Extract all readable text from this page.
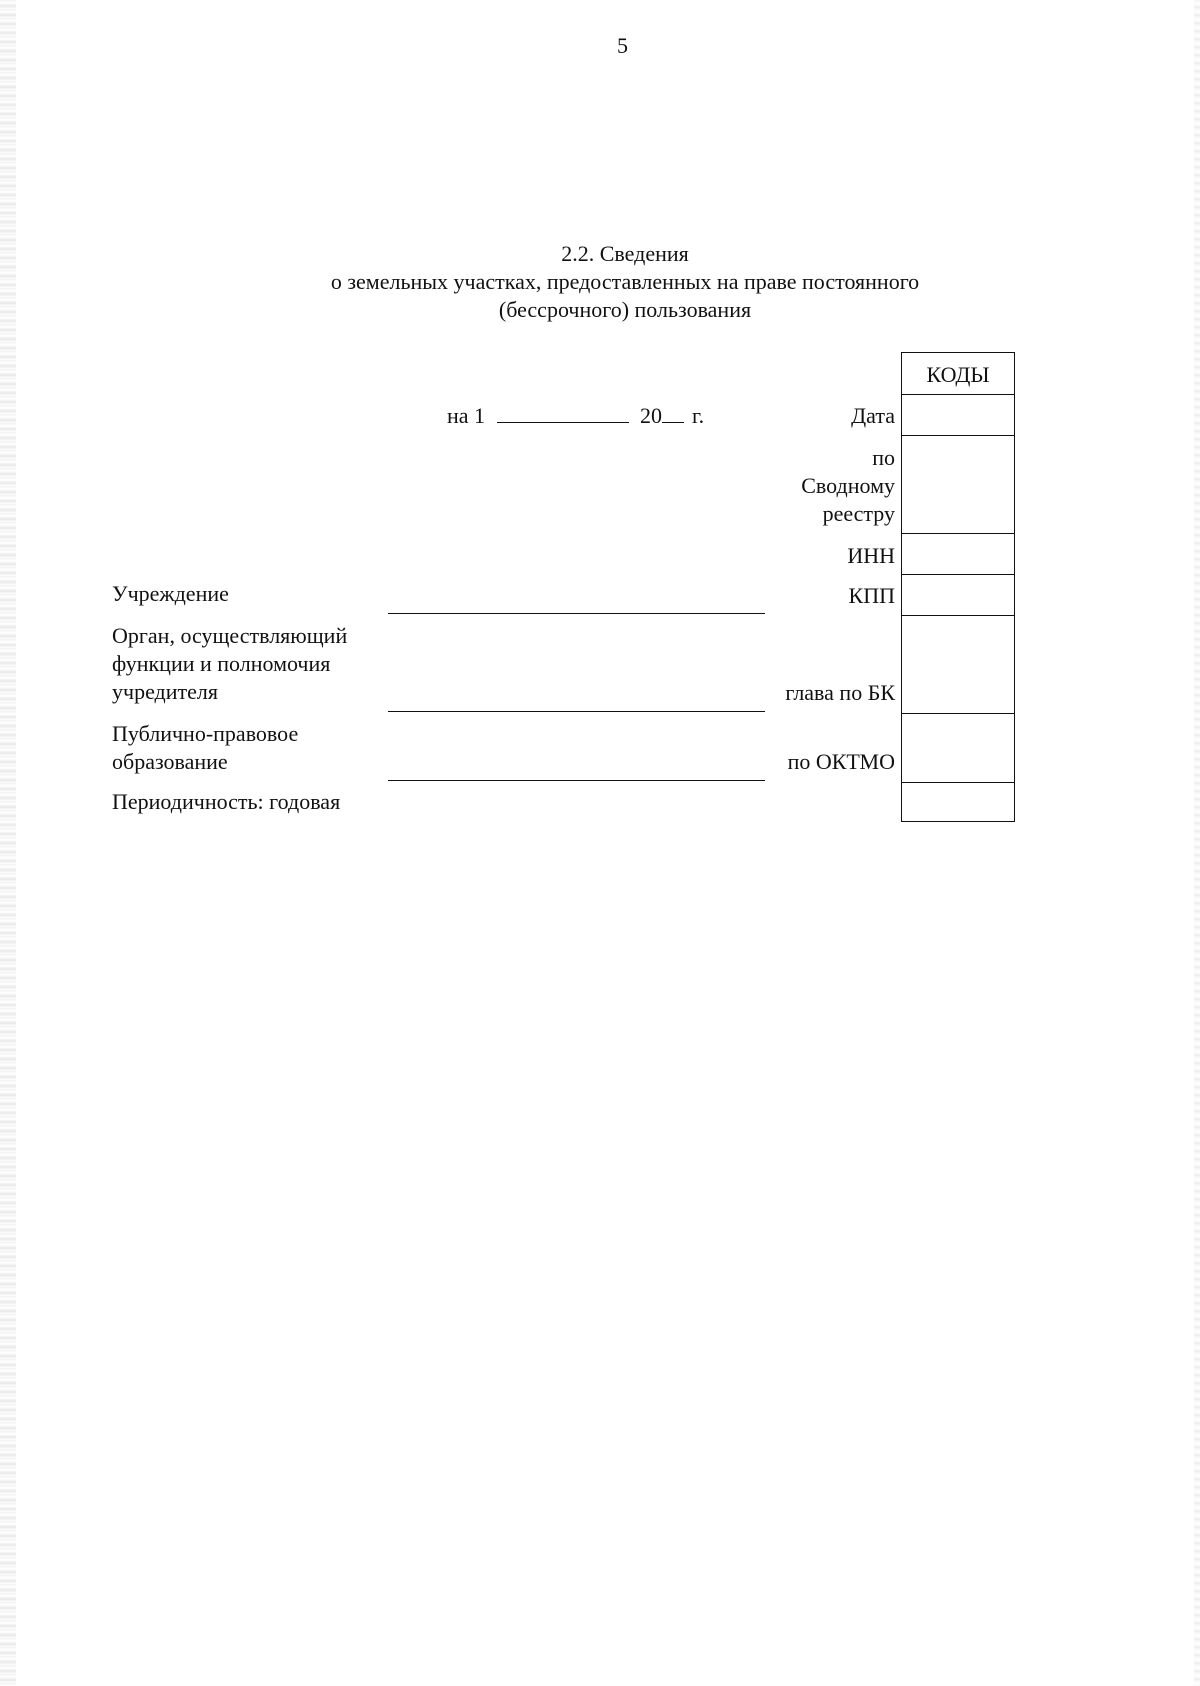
5
2.2. Сведения
о земельных участках, предоставленных на праве постоянного
(бессрочного) пользования
на 1	20 г.
КОДЫ
Дата
по
Сводному
реестру
ИНН
КПП
глава по БК
по ОКТМО
Учреждение
Орган, осуществляющий
функции и полномочия
учредителя
Публично-правовое
образование
Периодичность: годовая
